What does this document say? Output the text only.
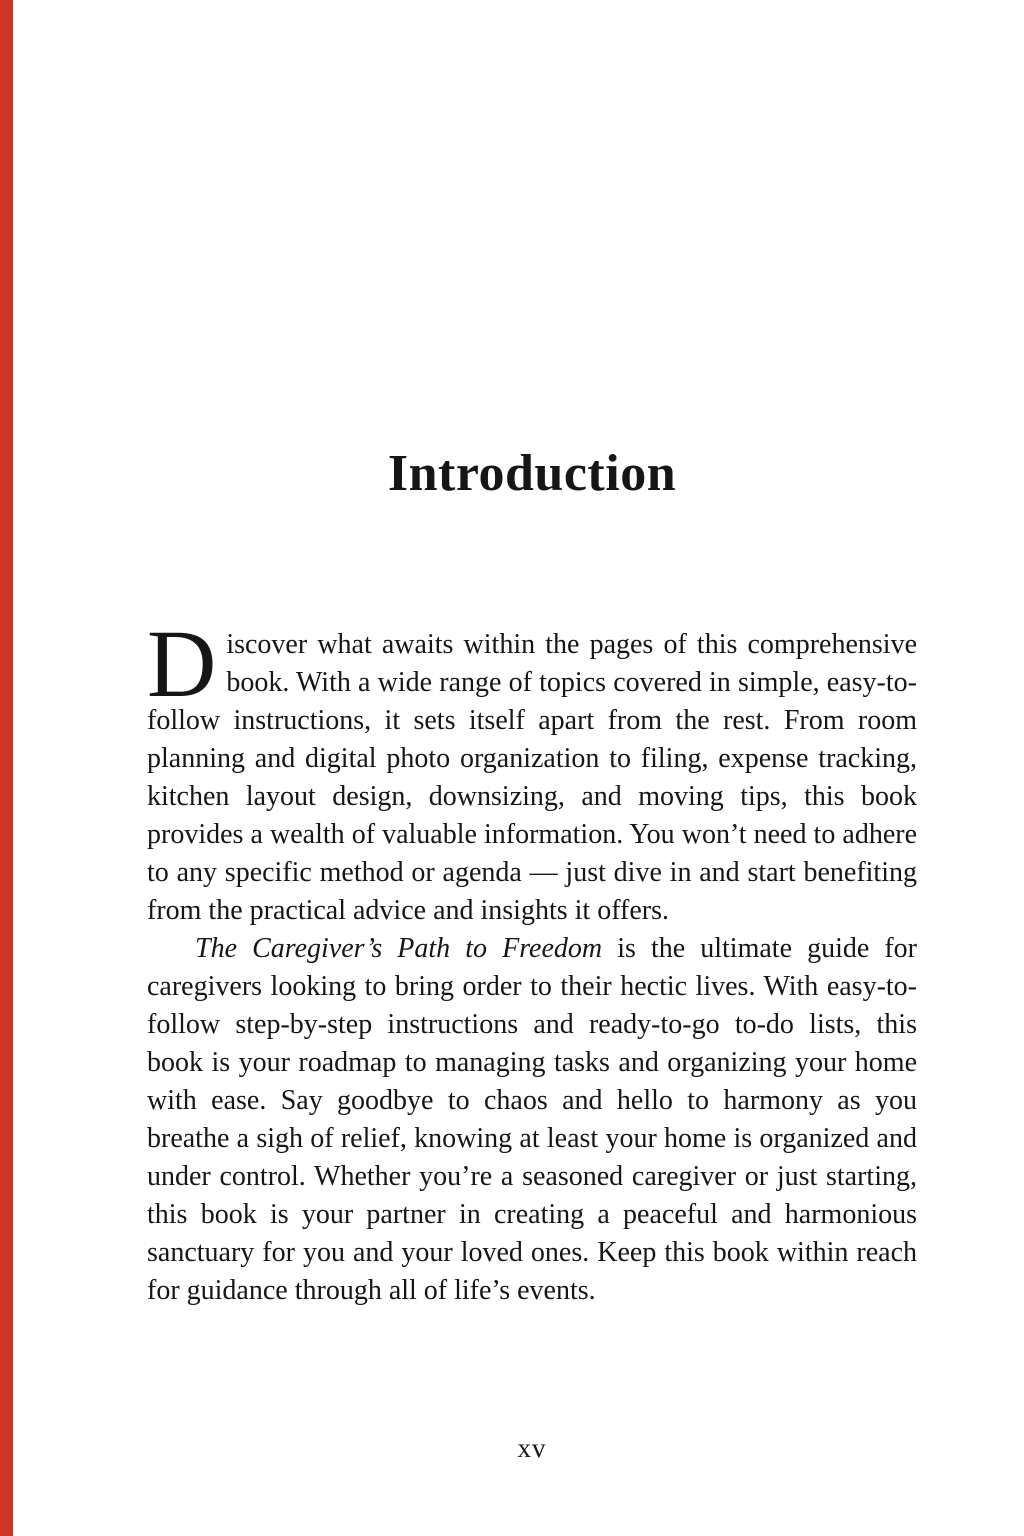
Introduction

Discover what awaits within the pages of this comprehensive book. With a wide range of topics covered in simple, easy-to-follow instructions, it sets itself apart from the rest. From room planning and digital photo organization to filing, expense tracking, kitchen layout design, downsizing, and moving tips, this book provides a wealth of valuable information. You won’t need to adhere to any specific method or agenda — just dive in and start benefiting from the practical advice and insights it offers.

The Caregiver’s Path to Freedom is the ultimate guide for caregivers looking to bring order to their hectic lives. With easy-to-follow step-by-step instructions and ready-to-go to-do lists, this book is your roadmap to managing tasks and organizing your home with ease. Say goodbye to chaos and hello to harmony as you breathe a sigh of relief, knowing at least your home is organized and under control. Whether you’re a seasoned caregiver or just starting, this book is your partner in creating a peaceful and harmonious sanctuary for you and your loved ones. Keep this book within reach for guidance through all of life’s events.

xv
